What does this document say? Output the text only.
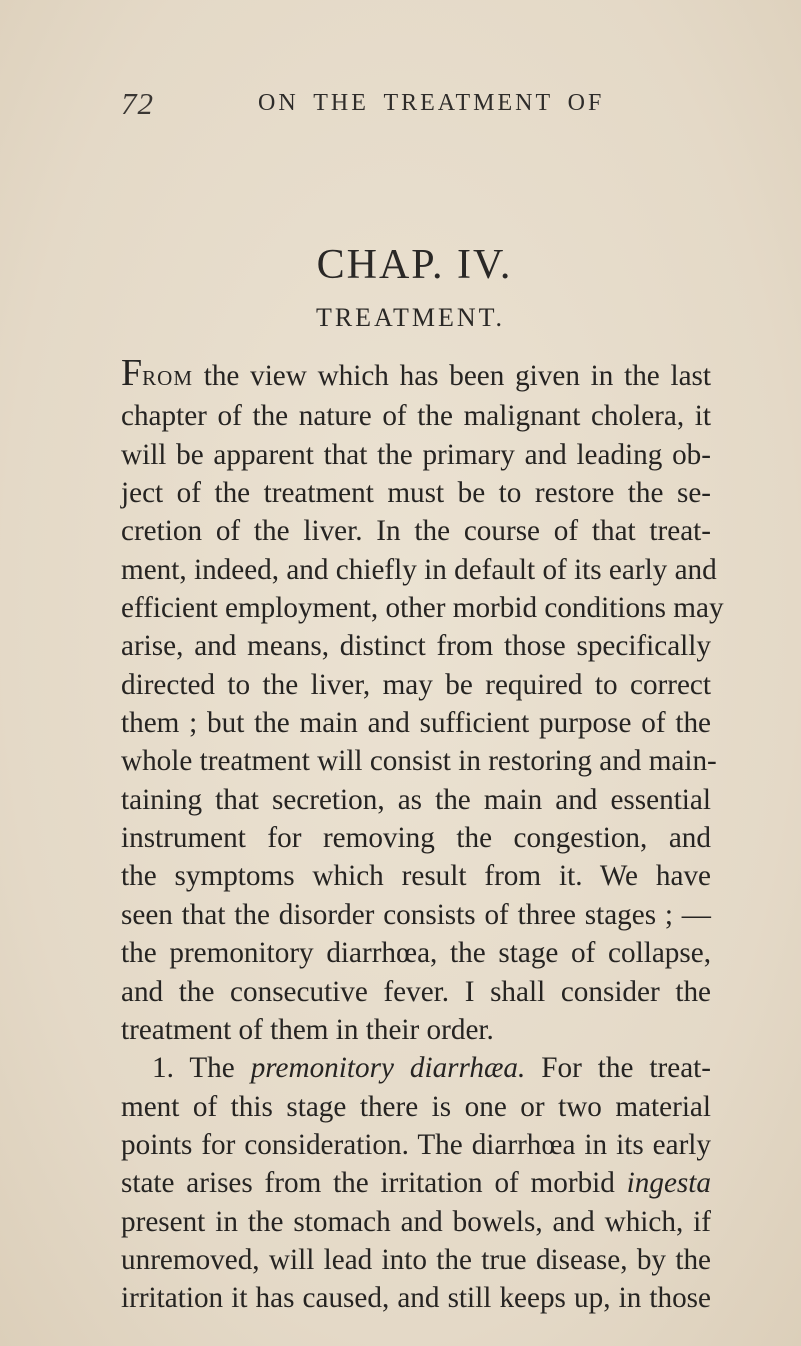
72	ON THE TREATMENT OF
CHAP. IV.
TREATMENT.
FROM the view which has been given in the last
chapter of the nature of the malignant cholera, it
will be apparent that the primary and leading ob-
ject of the treatment must be to restore the se-
cretion of the liver. In the course of that treat-
ment, indeed, and chiefly in default of its early and
efficient employment, other morbid conditions may
arise, and means, distinct from those specifically
directed to the liver, may be required to correct
them ; but the main and sufficient purpose of the
whole treatment will consist in restoring and main-
taining that secretion, as the main and essential
instrument for removing the congestion, and
the symptoms which result from it. We have
seen that the disorder consists of three stages ; —
the premonitory diarrhœa, the stage of collapse,
and the consecutive fever. I shall consider the
treatment of them in their order.
1. The premonitory diarrhæa. For the treat-
ment of this stage there is one or two material
points for consideration. The diarrhœa in its early
state arises from the irritation of morbid ingesta
present in the stomach and bowels, and which, if
unremoved, will lead into the true disease, by the
irritation it has caused, and still keeps up, in those
